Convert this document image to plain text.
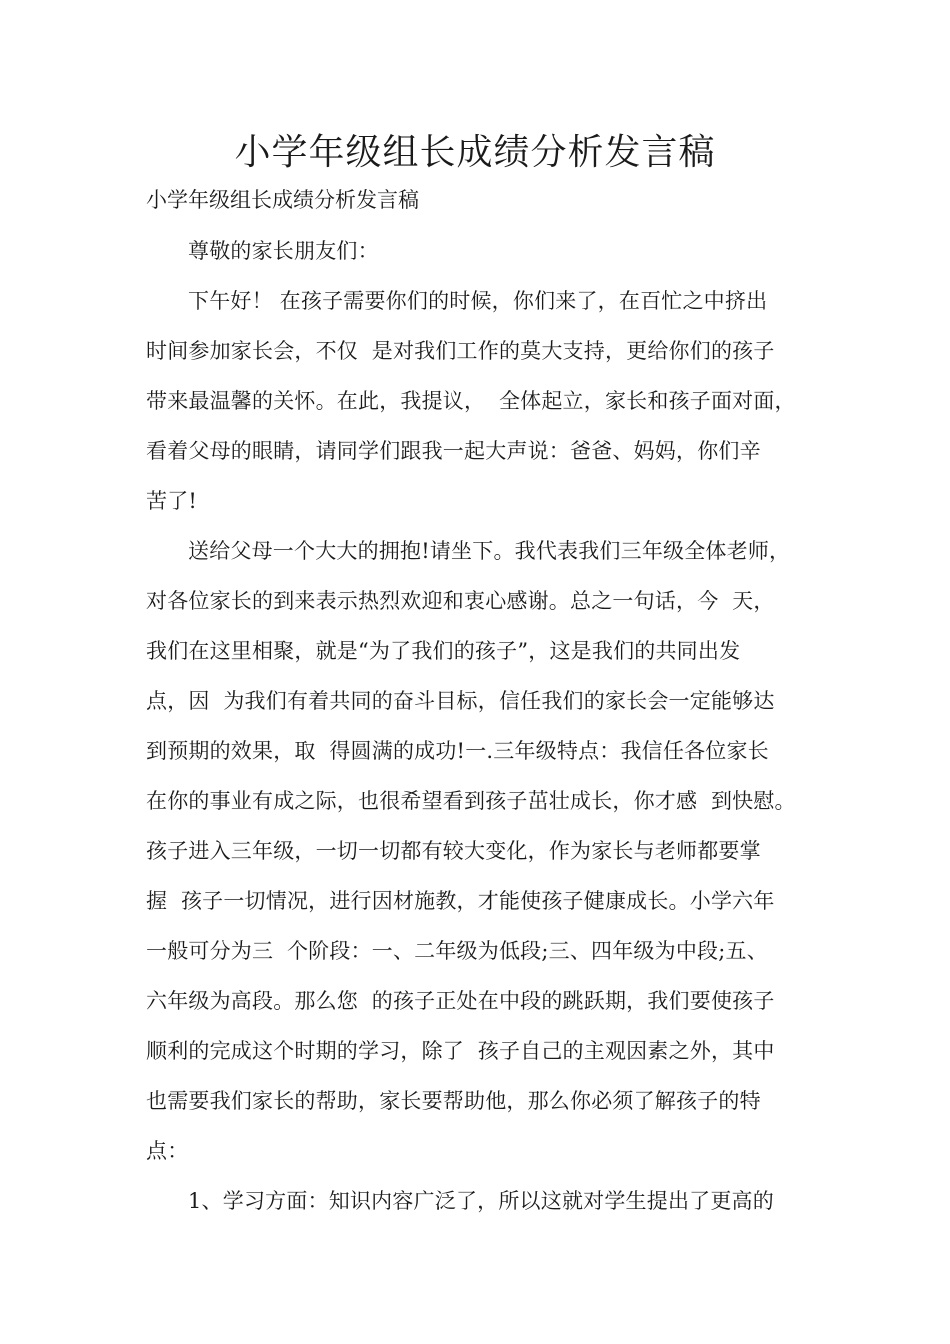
小学年级组长成绩分析发言稿

小学年级组长成绩分析发言稿

尊敬的家长朋友们：

下午好！ 在孩子需要你们的时候，你们来了，在百忙之中挤出

时间参加家长会，不仅  是对我们工作的莫大支持，更给你们的孩子

带来最温馨的关怀。在此，我提议，  全体起立，家长和孩子面对面，

看着父母的眼睛，请同学们跟我一起大声说：爸爸、妈妈，你们辛

苦了!

送给父母一个大大的拥抱!请坐下。我代表我们三年级全体老师，

对各位家长的到来表示热烈欢迎和衷心感谢。总之一句话，今  天，

我们在这里相聚，就是“为了我们的孩子”，这是我们的共同出发

点，因  为我们有着共同的奋斗目标，信任我们的家长会一定能够达

到预期的效果，取  得圆满的成功!一.三年级特点：我信任各位家长

在你的事业有成之际，也很希望看到孩子茁壮成长，你才感  到快慰。

孩子进入三年级，一切一切都有较大变化，作为家长与老师都要掌

握  孩子一切情况，进行因材施教，才能使孩子健康成长。小学六年

一般可分为三  个阶段：一、二年级为低段;三、四年级为中段;五、

六年级为高段。那么您  的孩子正处在中段的跳跃期，我们要使孩子

顺利的完成这个时期的学习，除了  孩子自己的主观因素之外，其中

也需要我们家长的帮助，家长要帮助他，那么你必须了解孩子的特

点：

1、学习方面：知识内容广泛了，所以这就对学生提出了更高的
